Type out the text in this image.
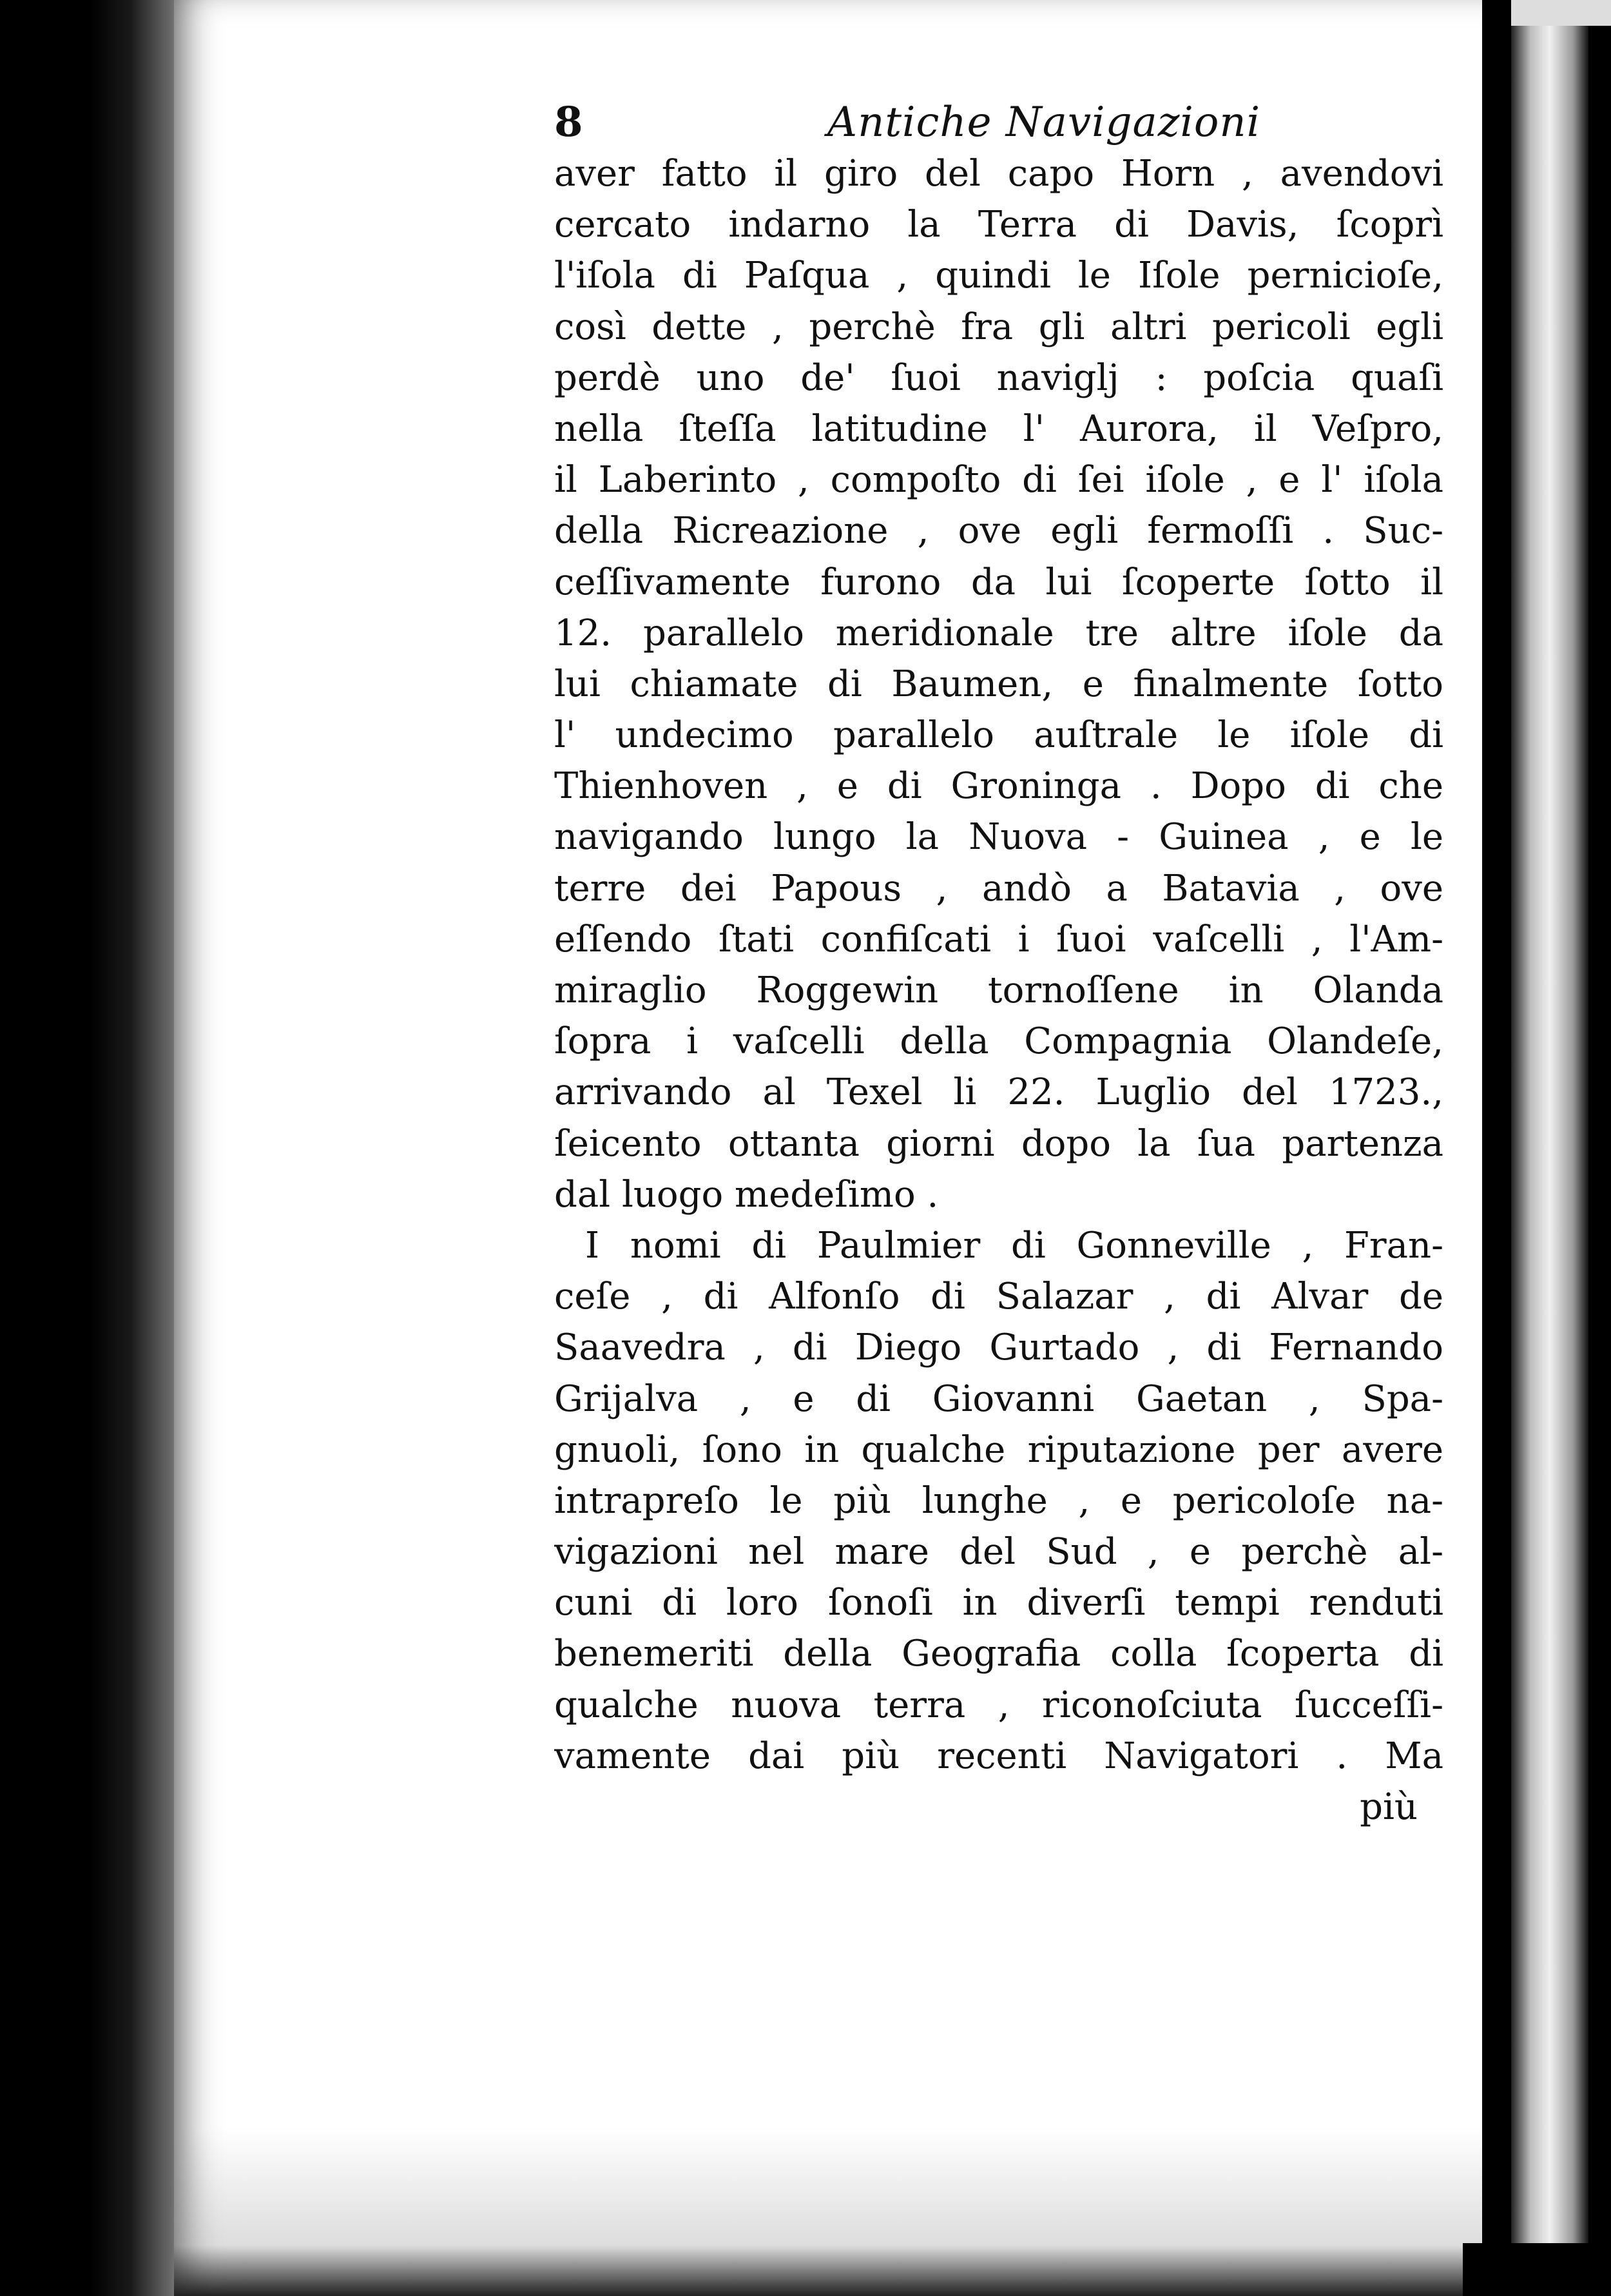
8	Antiche Navigazioni
aver fatto il giro del capo Horn , avendovi
cercato indarno la Terra di Davis, ſcoprì
l'iſola di Paſqua , quindi le Iſole pernicioſe,
così dette , perchè fra gli altri pericoli egli
perdè uno de' ſuoi naviglj : poſcia quaſi
nella ſteſſa latitudine l' Aurora, il Veſpro,
il Laberinto , compoſto di ſei iſole , e l' iſola
della Ricreazione , ove egli fermoſſi . Suc-
ceſſivamente furono da lui ſcoperte ſotto il
12. parallelo meridionale tre altre iſole da
lui chiamate di Baumen, e finalmente ſotto
l' undecimo parallelo auſtrale le iſole di
Thienhoven , e di Groninga . Dopo di che
navigando lungo la Nuova - Guinea , e le
terre dei Papous , andò a Batavia , ove
eſſendo ſtati confiſcati i ſuoi vaſcelli , l'Am-
miraglio Roggewin tornoſſene in Olanda
ſopra i vaſcelli della Compagnia Olandeſe,
arrivando al Texel li 22. Luglio del 1723.,
ſeicento ottanta giorni dopo la ſua partenza
dal luogo medeſimo .
I nomi di Paulmier di Gonneville , Fran-
ceſe , di Alfonſo di Salazar , di Alvar de
Saavedra , di Diego Gurtado , di Fernando
Grijalva , e di Giovanni Gaetan , Spa-
gnuoli, ſono in qualche riputazione per avere
intrapreſo le più lunghe , e pericoloſe na-
vigazioni nel mare del Sud , e perchè al-
cuni di loro ſonoſi in diverſi tempi renduti
benemeriti della Geografia colla ſcoperta di
qualche nuova terra , riconoſciuta ſucceſſi-
vamente dai più recenti Navigatori . Ma
più
